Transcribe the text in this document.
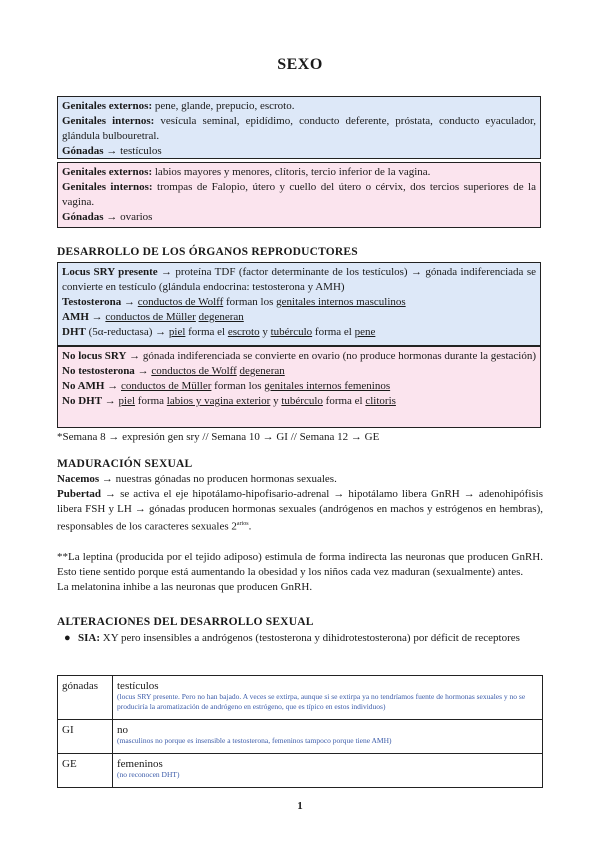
SEXO

Genitales externos: pene, glande, prepucio, escroto.

Genitales internos: vesícula seminal, epidídimo, conducto deferente, próstata, conducto eyaculador, glándula bulbouretral.

Gónadas → testículos

Genitales externos: labios mayores y menores, clítoris, tercio inferior de la vagina.

Genitales internos: trompas de Falopio, útero y cuello del útero o cérvix, dos tercios superiores de la vagina.

Gónadas → ovarios

DESARROLLO DE LOS ÓRGANOS REPRODUCTORES

Locus SRY presente → proteína TDF (factor determinante de los testículos) → gónada indiferenciada se convierte en testículo (glándula endocrina: testosterona y AMH)

Testosterona → conductos de Wolff forman los genitales internos masculinos

AMH → conductos de Müller degeneran

DHT (5α-reductasa) → piel forma el escroto y tubérculo forma el pene

No locus SRY → gónada indiferenciada se convierte en ovario (no produce hormonas durante la gestación)

No testosterona → conductos de Wolff degeneran

No AMH → conductos de Müller forman los genitales internos femeninos

No DHT → piel forma labios y vagina exterior y tubérculo forma el clitoris

*Semana 8 → expresión gen sry // Semana 10 → GI // Semana 12 → GE
MADURACIÓN SEXUAL

Nacemos → nuestras gónadas no producen hormonas sexuales.

Pubertad → se activa el eje hipotálamo-hipofisario-adrenal → hipotálamo libera GnRH → adenohipófisis libera FSH y LH → gónadas producen hormonas sexuales (andrógenos en machos y estrógenos en hembras), responsables de los caracteres sexuales $2^{arios}$.

**La leptina (producida por el tejido adiposo) estimula de forma indirecta las neuronas que producen GnRH. Esto tiene sentido porque está aumentando la obesidad y los niños cada vez maduran (sexualmente) antes.

La melatonina inhibe a las neuronas que producen GnRH.

ALTERACIONES DEL DESARROLLO SEXUAL
● SIA: XY pero insensibles a andrógenos (testosterona y dihidrotestosterona) por déficit de receptores
gónadas	testículos
(locus SRY presente. Pero no han bajado. A veces se extirpa, aunque si se extirpa ya no tendríamos fuente de hormonas sexuales y no se produciría la aromatización de andrógeno en estrógeno, que es típico en estos individuos)

GI	no
(masculinos no porque es insensible a testosterona, femeninos tampoco porque tiene AMH)

GE	femeninos
(no reconocen DHT)
1
